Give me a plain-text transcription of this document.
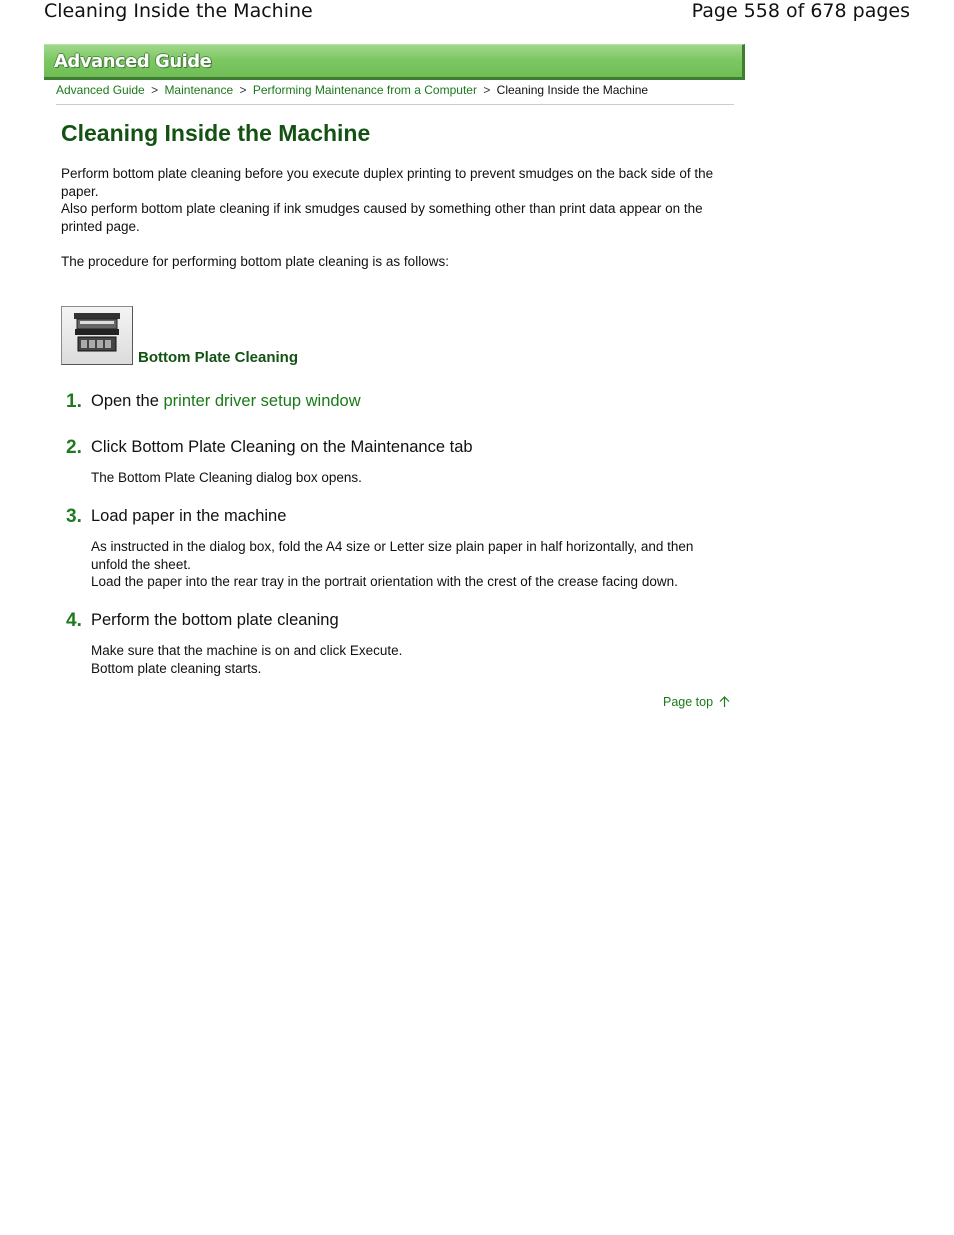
Cleaning Inside the Machine	Page 558 of 678 pages
Advanced Guide
Advanced Guide > Maintenance > Performing Maintenance from a Computer > Cleaning Inside the Machine
Cleaning Inside the Machine

Perform bottom plate cleaning before you execute duplex printing to prevent smudges on the back side of the paper.

Also perform bottom plate cleaning if ink smudges caused by something other than print data appear on the printed page.

The procedure for performing bottom plate cleaning is as follows:

Bottom Plate Cleaning
1. Open the printer driver setup window
2. Click Bottom Plate Cleaning on the Maintenance tab

The Bottom Plate Cleaning dialog box opens.

3. Load paper in the machine

As instructed in the dialog box, fold the A4 size or Letter size plain paper in half horizontally, and then unfold the sheet.

Load the paper into the rear tray in the portrait orientation with the crest of the crease facing down.

4. Perform the bottom plate cleaning

Make sure that the machine is on and click Execute.

Bottom plate cleaning starts.

Page top
